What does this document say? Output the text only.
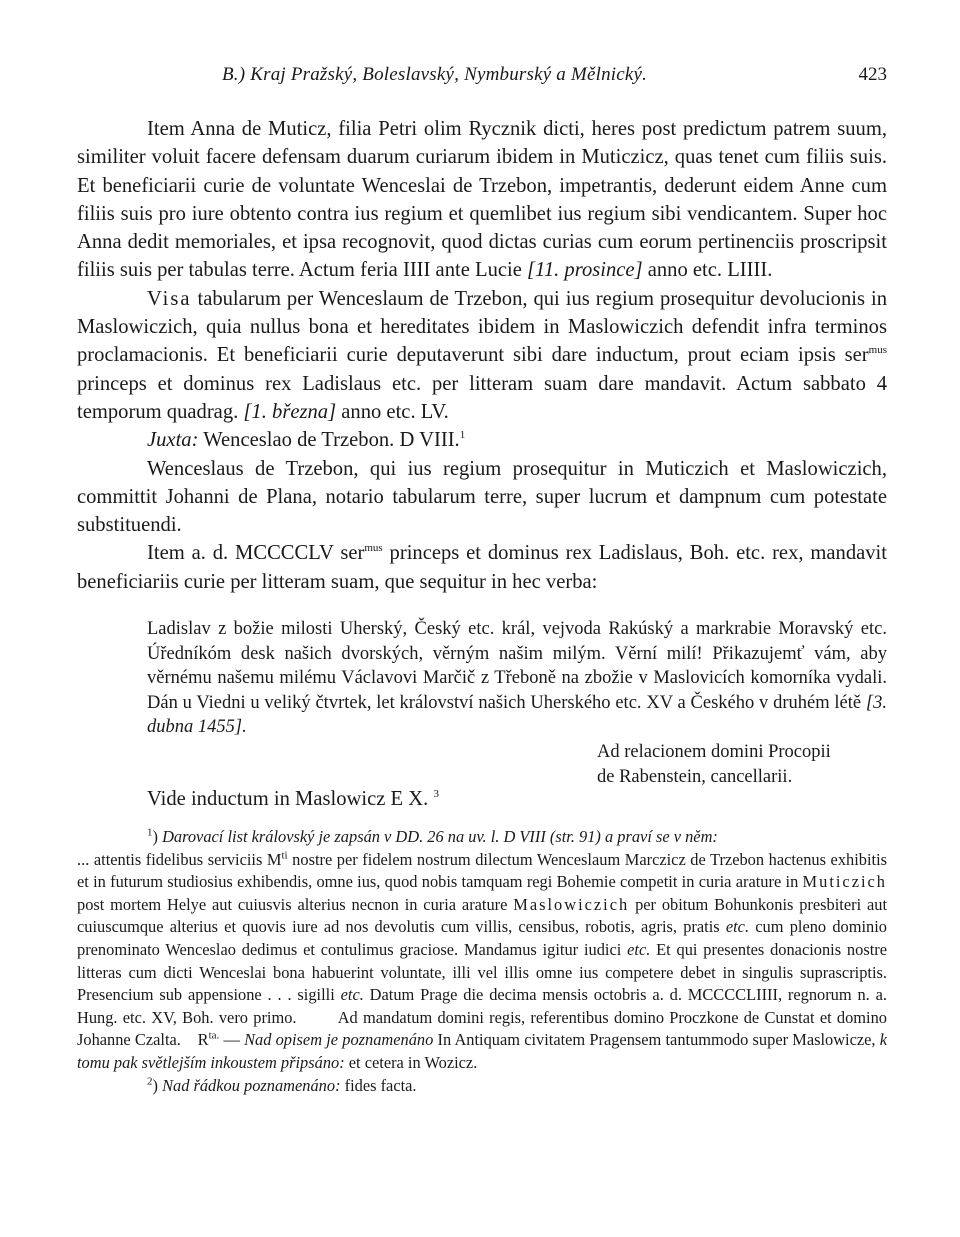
B.) Kraj Pražský, Boleslavský, Nymburský a Mělnický.	423

Item Anna de Muticz, filia Petri olim Rycznik dicti, heres post predictum patrem suum, similiter voluit facere defensam duarum curiarum ibidem in Muticzicz, quas tenet cum filiis suis. Et beneficiarii curie de voluntate Wenceslai de Trzebon, impetrantis, dederunt eidem Anne cum filiis suis pro iure obtento contra ius regium et quemlibet ius regium sibi vendicantem. Super hoc Anna dedit memoriales, et ipsa recognovit, quod dictas curias cum eorum pertinenciis proscripsit filiis suis per tabulas terre. Actum feria IIII ante Lucie [11. prosince] anno etc. LIIII.

Visa tabularum per Wenceslaum de Trzebon, qui ius regium prosequitur devolucionis in Maslowiczich, quia nullus bona et hereditates ibidem in Maslowiczich defendit infra terminos proclamacionis. Et beneficiarii curie deputaverunt sibi dare inductum, prout eciam ipsis ser$^{mus}$ princeps et dominus rex Ladislaus etc. per litteram suam dare mandavit. Actum sabbato 4 temporum quadrag. [1. března] anno etc. LV.

Juxta: Wenceslao de Trzebon. D VIII.$^1$

Wenceslaus de Trzebon, qui ius regium prosequitur in Muticzich et Maslowiczich, committit Johanni de Plana, notario tabularum terre, super lucrum et dampnum cum potestate substituendi.

Item a. d. MCCCCLV ser$^{mus}$ princeps et dominus rex Ladislaus, Boh. etc. rex, mandavit beneficiariis curie per litteram suam, que sequitur in hec verba:

Ladislav z božie milosti Uherský, Český etc. král, vejvoda Rakúský a markrabie Moravský etc. Úředníkóm desk našich dvorských, věrným našim milým. Věrní milí! Přikazujemť vám, aby věrnému našemu milému Václavovi Marčič z Třeboně na zbožie v Maslovicích komorníka vydali. Dán u Viedni u veliký čtvrtek, let království našich Uherského etc. XV a Českého v druhém létě [3. dubna 1455].

Ad relacionem domini Procopii
de Rabenstein, cancellarii.
Vide inductum in Maslowicz E X. $^3$

$^1$) Darovací list královský je zapsán v DD. 26 na uv. l. D VIII (str. 91) a praví se v něm:

... attentis fidelibus serviciis $M^{ti}$ nostre per fidelem nostrum dilectum Wenceslaum Marczicz de Trzebon hactenus exhibitis et in futurum studiosius exhibendis, omne ius, quod nobis tamquam regi Bohemie competit in curia arature in Muticzich post mortem Helye aut cuiusvis alterius necnon in curia arature Maslowiczich per obitum Bohunkonis presbiteri aut cuiuscumque alterius et quovis iure ad nos devolutis cum villis, censibus, robotis, agris, pratis etc. cum pleno dominio prenominato Wenceslao dedimus et contulimus graciose. Mandamus igitur iudici etc. Et qui presentes donacionis nostre litteras cum dicti Wenceslai bona habuerint voluntate, illi vel illis omne ius competere debet in singulis suprascriptis. Presencium sub appensione . . . sigilli etc. Datum Prage die decima mensis octobris a. d. MCCCCLIIII, regnorum n. a. Hung. etc. XV, Boh. vero primo.        Ad mandatum domini regis, referentibus domino Proczkone de Cunstat et domino Johanne Czalta.    $R^{ta.}$ — Nad opisem je poznamenáno In Antiquam civitatem Pragensem tantummodo super Maslowicze, k tomu pak světlejším inkoustem připsáno: et cetera in Wozicz.

$^2$) Nad řádkou poznamenáno: fides facta.
